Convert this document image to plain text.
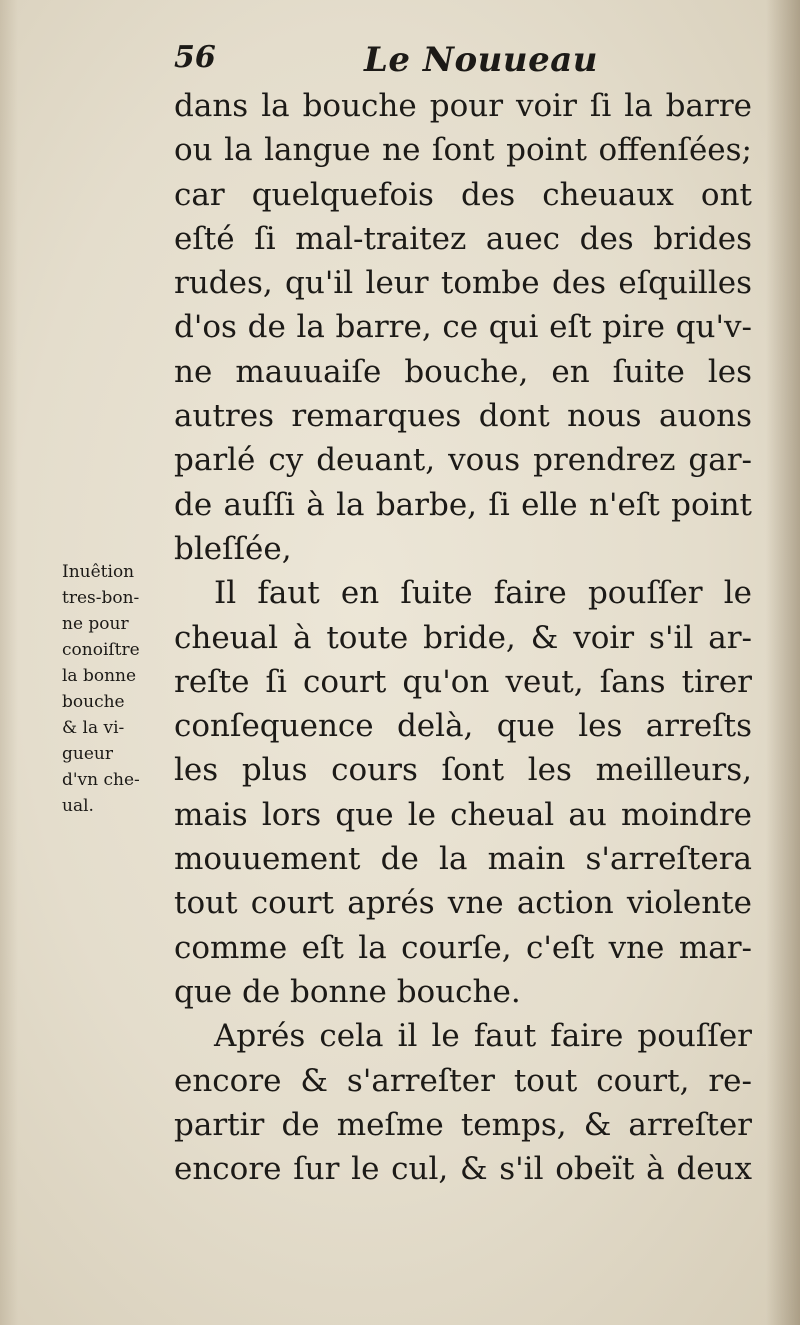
56	Le Nouueau
dans la bouche pour voir ſi la barre
ou la langue ne ſont point offenſées;
car quelquefois des cheuaux ont
eſté ſi mal-traitez auec des brides
rudes, qu'il leur tombe des eſquilles
d'os de la barre, ce qui eſt pire qu'v-
ne mauuaiſe bouche, en ſuite les
autres remarques dont nous auons
parlé cy deuant, vous prendrez gar-
de auſſi à la barbe, ſi elle n'eſt point
bleſſée,
Il faut en ſuite faire pouſſer le
cheual à toute bride, & voir s'il ar-
reſte ſi court qu'on veut, ſans tirer
conſequence delà, que les arreſts
les plus cours ſont les meilleurs,
mais lors que le cheual au moindre
mouuement de la main s'arreſtera
tout court aprés vne action violente
comme eſt la courſe, c'eſt vne mar-
que de bonne bouche.
Aprés cela il le faut faire pouſſer
encore & s'arreſter tout court, re-
partir de meſme temps, & arreſter
encore ſur le cul, & s'il obeït à deux
Inuêtion
tres-bon-
ne pour
conoiſtre
la bonne
bouche
& la vi-
gueur
d'vn che-
ual.
